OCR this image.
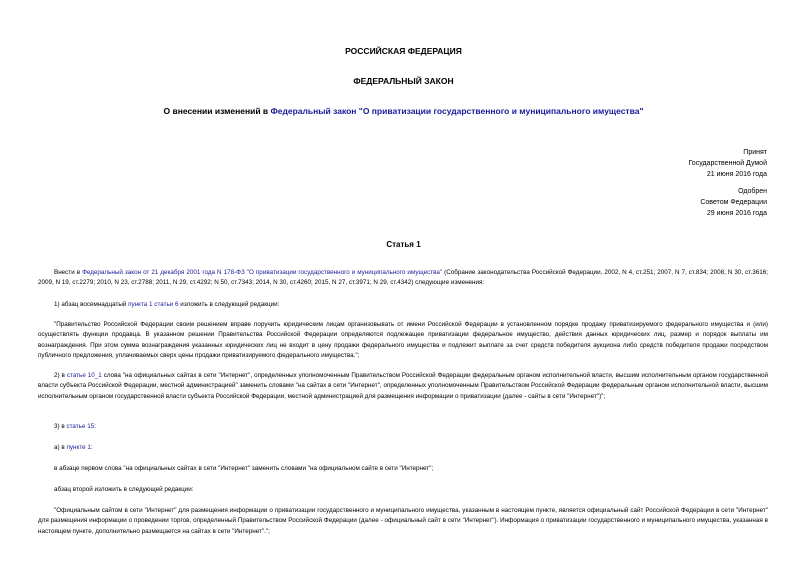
РОССИЙСКАЯ ФЕДЕРАЦИЯ
ФЕДЕРАЛЬНЫЙ ЗАКОН
О внесении изменений в Федеральный закон "О приватизации государственного и муниципального имущества"
Принят
Государственной Думой
21 июня 2016 года
Одобрен
Советом Федерации
29 июня 2016 года
Статья 1
Внести в Федеральный закон от 21 декабря 2001 года N 178-ФЗ "О приватизации государственного и муниципального имущества" (Собрание законодательства Российской Федерации, 2002, N 4, ст.251; 2007, N 7, ст.834; 2008, N 30, ст.3616; 2009, N 19, ст.2279; 2010, N 23, ст.2788; 2011, N 29, ст.4292; N 50, ст.7343; 2014, N 30, ст.4260; 2015, N 27, ст.3971; N 29, ст.4342) следующие изменения:
1) абзац восемнадцатый пункта 1 статьи 6 изложить в следующей редакции:
"Правительство Российской Федерации своим решением вправе поручить юридическим лицам организовывать от имени Российской Федерации в установленном порядке продажу приватизируемого федерального имущества и (или) осуществлять функции продавца. В указанном решении Правительства Российской Федерации определяются подлежащее приватизации федеральное имущество, действия данных юридических лиц, размер и порядок выплаты им вознаграждения. При этом сумма вознаграждения указанных юридических лиц не входит в цену продажи федерального имущества и подлежит выплате за счет средств победителя аукциона либо средств победителя продажи посредством публичного предложения, уплачиваемых сверх цены продажи приватизируемого федерального имущества.";
2) в статье 10_1 слова "на официальных сайтах в сети "Интернет", определенных уполномоченным Правительством Российской Федерации федеральным органом исполнительной власти, высшим исполнительным органом государственной власти субъекта Российской Федерации, местной администрацией" заменить словами "на сайтах в сети "Интернет", определенных уполномоченным Правительством Российской Федерации федеральным органом исполнительной власти, высшим исполнительным органом государственной власти субъекта Российской Федерации, местной администрацией для размещения информации о приватизации (далее - сайты в сети "Интернет")";
3) в статье 15:
а) в пункте 1:
в абзаце первом слова "на официальных сайтах в сети "Интернет" заменить словами "на официальном сайте в сети "Интернет";
абзац второй изложить в следующей редакции:
"Официальным сайтом в сети "Интернет" для размещения информации о приватизации государственного и муниципального имущества, указанным в настоящем пункте, является официальный сайт Российской Федерации в сети "Интернет" для размещения информации о проведении торгов, определенный Правительством Российской Федерации (далее - официальный сайт в сети "Интернет"). Информация о приватизации государственного и муниципального имущества, указанная в настоящем пункте, дополнительно размещается на сайтах в сети "Интернет".";
